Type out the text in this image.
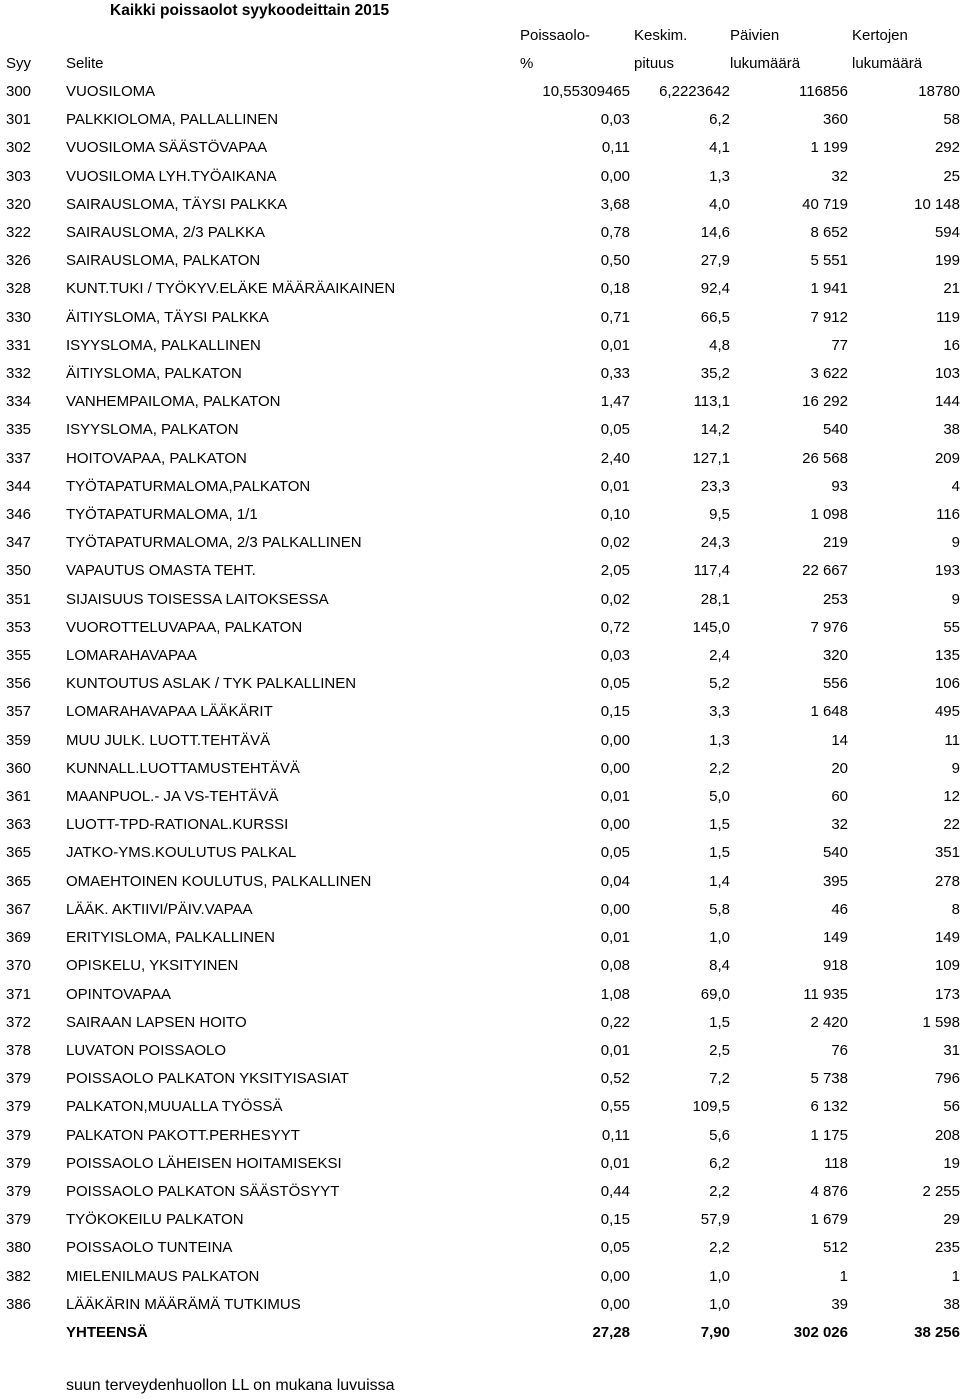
Kaikki poissaolot syykoodeittain 2015
		Poissaolo-	Keskim.	Päivien	Kertojen
Syy	Selite	%	pituus	lukumäärä	lukumäärä
300	VUOSILOMA	10,55309465	6,2223642	116856	18780
301	PALKKIOLOMA, PALLALLINEN	0,03	6,2	360	58
302	VUOSILOMA SÄÄSTÖVAPAA	0,11	4,1	1 199	292
303	VUOSILOMA LYH.TYÖAIKANA	0,00	1,3	32	25
320	SAIRAUSLOMA, TÄYSI PALKKA	3,68	4,0	40 719	10 148
322	SAIRAUSLOMA, 2/3 PALKKA	0,78	14,6	8 652	594
326	SAIRAUSLOMA, PALKATON	0,50	27,9	5 551	199
328	KUNT.TUKI / TYÖKYV.ELÄKE MÄÄRÄAIKAINEN	0,18	92,4	1 941	21
330	ÄITIYSLOMA, TÄYSI PALKKA	0,71	66,5	7 912	119
331	ISYYSLOMA, PALKALLINEN	0,01	4,8	77	16
332	ÄITIYSLOMA, PALKATON	0,33	35,2	3 622	103
334	VANHEMPAILOMA, PALKATON	1,47	113,1	16 292	144
335	ISYYSLOMA, PALKATON	0,05	14,2	540	38
337	HOITOVAPAA, PALKATON	2,40	127,1	26 568	209
344	TYÖTAPATURMALOMA,PALKATON	0,01	23,3	93	4
346	TYÖTAPATURMALOMA, 1/1	0,10	9,5	1 098	116
347	TYÖTAPATURMALOMA, 2/3 PALKALLINEN	0,02	24,3	219	9
350	VAPAUTUS OMASTA TEHT.	2,05	117,4	22 667	193
351	SIJAISUUS TOISESSA LAITOKSESSA	0,02	28,1	253	9
353	VUOROTTELUVAPAA, PALKATON	0,72	145,0	7 976	55
355	LOMARAHAVAPAA	0,03	2,4	320	135
356	KUNTOUTUS ASLAK / TYK PALKALLINEN	0,05	5,2	556	106
357	LOMARAHAVAPAA LÄÄKÄRIT	0,15	3,3	1 648	495
359	MUU JULK. LUOTT.TEHTÄVÄ	0,00	1,3	14	11
360	KUNNALL.LUOTTAMUSTEHTÄVÄ	0,00	2,2	20	9
361	MAANPUOL.- JA VS-TEHTÄVÄ	0,01	5,0	60	12
363	LUOTT-TPD-RATIONAL.KURSSI	0,00	1,5	32	22
365	JATKO-YMS.KOULUTUS PALKAL	0,05	1,5	540	351
365	OMAEHTOINEN KOULUTUS, PALKALLINEN	0,04	1,4	395	278
367	LÄÄK. AKTIIVI/PÄIV.VAPAA	0,00	5,8	46	8
369	ERITYISLOMA, PALKALLINEN	0,01	1,0	149	149
370	OPISKELU, YKSITYINEN	0,08	8,4	918	109
371	OPINTOVAPAA	1,08	69,0	11 935	173
372	SAIRAAN LAPSEN HOITO	0,22	1,5	2 420	1 598
378	LUVATON POISSAOLO	0,01	2,5	76	31
379	POISSAOLO PALKATON YKSITYISASIAT	0,52	7,2	5 738	796
379	PALKATON,MUUALLA TYÖSSÄ	0,55	109,5	6 132	56
379	PALKATON PAKOTT.PERHESYYT	0,11	5,6	1 175	208
379	POISSAOLO LÄHEISEN HOITAMISEKSI	0,01	6,2	118	19
379	POISSAOLO PALKATON SÄÄSTÖSYYT	0,44	2,2	4 876	2 255
379	TYÖKOKEILU PALKATON	0,15	57,9	1 679	29
380	POISSAOLO TUNTEINA	0,05	2,2	512	235
382	MIELENILMAUS PALKATON	0,00	1,0	1	1
386	LÄÄKÄRIN MÄÄRÄMÄ TUTKIMUS	0,00	1,0	39	38
	YHTEENSÄ	27,28	7,90	302 026	38 256
suun terveydenhuollon LL on mukana luvuissa
